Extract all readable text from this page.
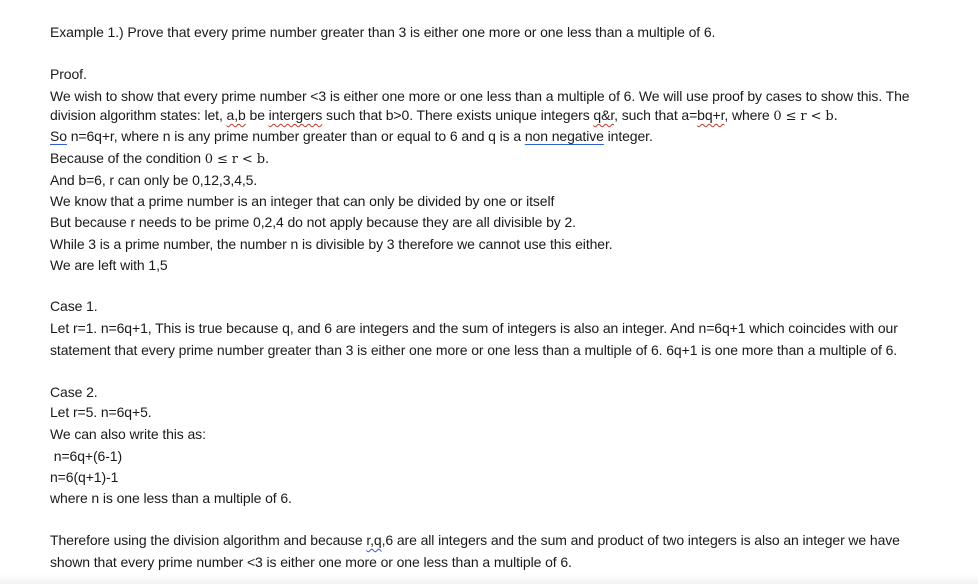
Example 1.) Prove that every prime number greater than 3 is either one more or one less than a multiple of 6.
Proof.
We wish to show that every prime number <3 is either one more or one less than a multiple of 6. We will use proof by cases to show this. The
division algorithm states: let, a,b be intergers such that b>0. There exists unique integers q&r, such that a=bq+r, where 0 ≤ r < b.
So n=6q+r, where n is any prime number greater than or equal to 6 and q is a non negative integer.
Because of the condition 0 ≤ r < b.
And b=6, r can only be 0,12,3,4,5.
We know that a prime number is an integer that can only be divided by one or itself
But because r needs to be prime 0,2,4 do not apply because they are all divisible by 2.
While 3 is a prime number, the number n is divisible by 3 therefore we cannot use this either.
We are left with 1,5
Case 1.
Let r=1. n=6q+1, This is true because q, and 6 are integers and the sum of integers is also an integer. And n=6q+1 which coincides with our
statement that every prime number greater than 3 is either one more or one less than a multiple of 6. 6q+1 is one more than a multiple of 6.
Case 2.
Let r=5. n=6q+5.
We can also write this as:
n=6q+(6-1)
n=6(q+1)-1
where n is one less than a multiple of 6.
Therefore using the division algorithm and because r,q,6 are all integers and the sum and product of two integers is also an integer we have
shown that every prime number <3 is either one more or one less than a multiple of 6.
